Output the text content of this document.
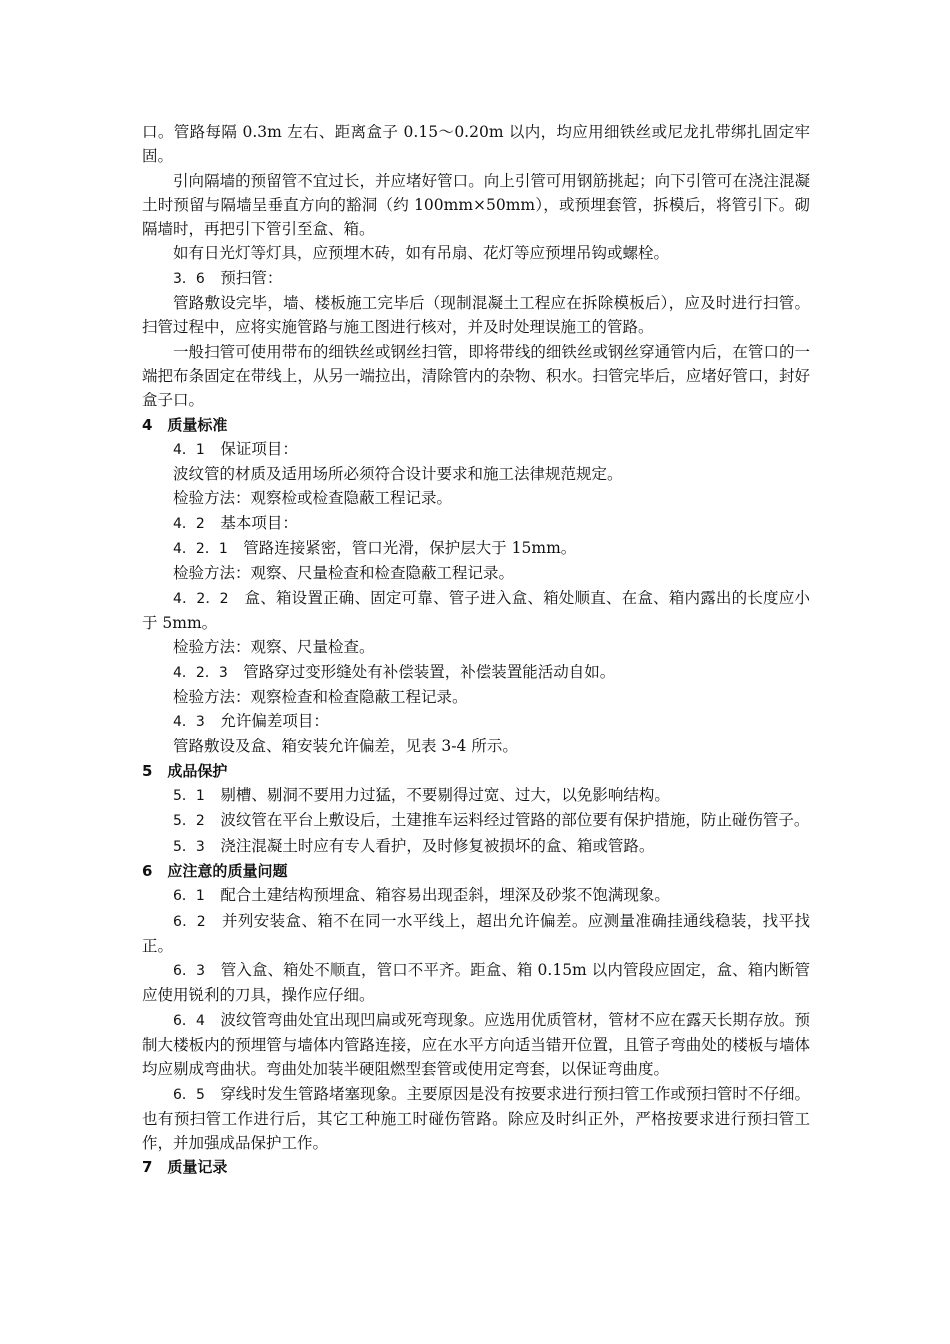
口。管路每隔 0.3m 左右、距离盒子 0.15～0.20m 以内，均应用细铁丝或尼龙扎带绑扎固定牢固。

引向隔墙的预留管不宜过长，并应堵好管口。向上引管可用钢筋挑起；向下引管可在浇注混凝土时预留与隔墙呈垂直方向的豁洞（约 100mm×50mm），或预埋套管，拆模后，将管引下。砌隔墙时，再把引下管引至盒、箱。

如有日光灯等灯具，应预埋木砖，如有吊扇、花灯等应预埋吊钩或螺栓。

3．6　 预扫管：

管路敷设完毕，墙、楼板施工完毕后（现制混凝土工程应在拆除模板后），应及时进行扫管。扫管过程中，应将实施管路与施工图进行核对，并及时处理误施工的管路。

一般扫管可使用带布的细铁丝或钢丝扫管，即将带线的细铁丝或钢丝穿通管内后，在管口的一端把布条固定在带线上，从另一端拉出，清除管内的杂物、积水。扫管完毕后，应堵好管口，封好盒子口。

4　质量标准

4．1　 保证项目：

波纹管的材质及适用场所必须符合设计要求和施工法律规范规定。

检验方法：观察检或检查隐蔽工程记录。

4．2　 基本项目：

4．2．1　 管路连接紧密，管口光滑，保护层大于 15mm。

检验方法：观察、尺量检查和检查隐蔽工程记录。

4．2．2　 盒、箱设置正确、固定可靠、管子进入盒、箱处顺直、在盒、箱内露出的长度应小于 5mm。

检验方法：观察、尺量检查。

4．2．3　 管路穿过变形缝处有补偿装置，补偿装置能活动自如。

检验方法：观察检查和检查隐蔽工程记录。

4．3　 允许偏差项目：

管路敷设及盒、箱安装允许偏差，见表 3-4 所示。

5　成品保护

5．1　 剔槽、剔洞不要用力过猛，不要剔得过宽、过大，以免影响结构。

5．2　 波纹管在平台上敷设后，土建推车运料经过管路的部位要有保护措施，防止碰伤管子。

5．3　 浇注混凝土时应有专人看护，及时修复被损坏的盒、箱或管路。

6　应注意的质量问题

6．1　 配合土建结构预埋盒、箱容易出现歪斜，埋深及砂浆不饱满现象。

6．2　 并列安装盒、箱不在同一水平线上，超出允许偏差。应测量准确挂通线稳装，找平找正。

6．3　 管入盒、箱处不顺直，管口不平齐。距盒、箱 0.15m 以内管段应固定，盒、箱内断管应使用锐利的刀具，操作应仔细。

6．4　 波纹管弯曲处宜出现凹扁或死弯现象。应选用优质管材，管材不应在露天长期存放。预制大楼板内的预埋管与墙体内管路连接，应在水平方向适当错开位置，且管子弯曲处的楼板与墙体均应剔成弯曲状。弯曲处加装半硬阻燃型套管或使用定弯套，以保证弯曲度。

6．5　 穿线时发生管路堵塞现象。主要原因是没有按要求进行预扫管工作或预扫管时不仔细。也有预扫管工作进行后，其它工种施工时碰伤管路。除应及时纠正外，严格按要求进行预扫管工作，并加强成品保护工作。

7　质量记录
